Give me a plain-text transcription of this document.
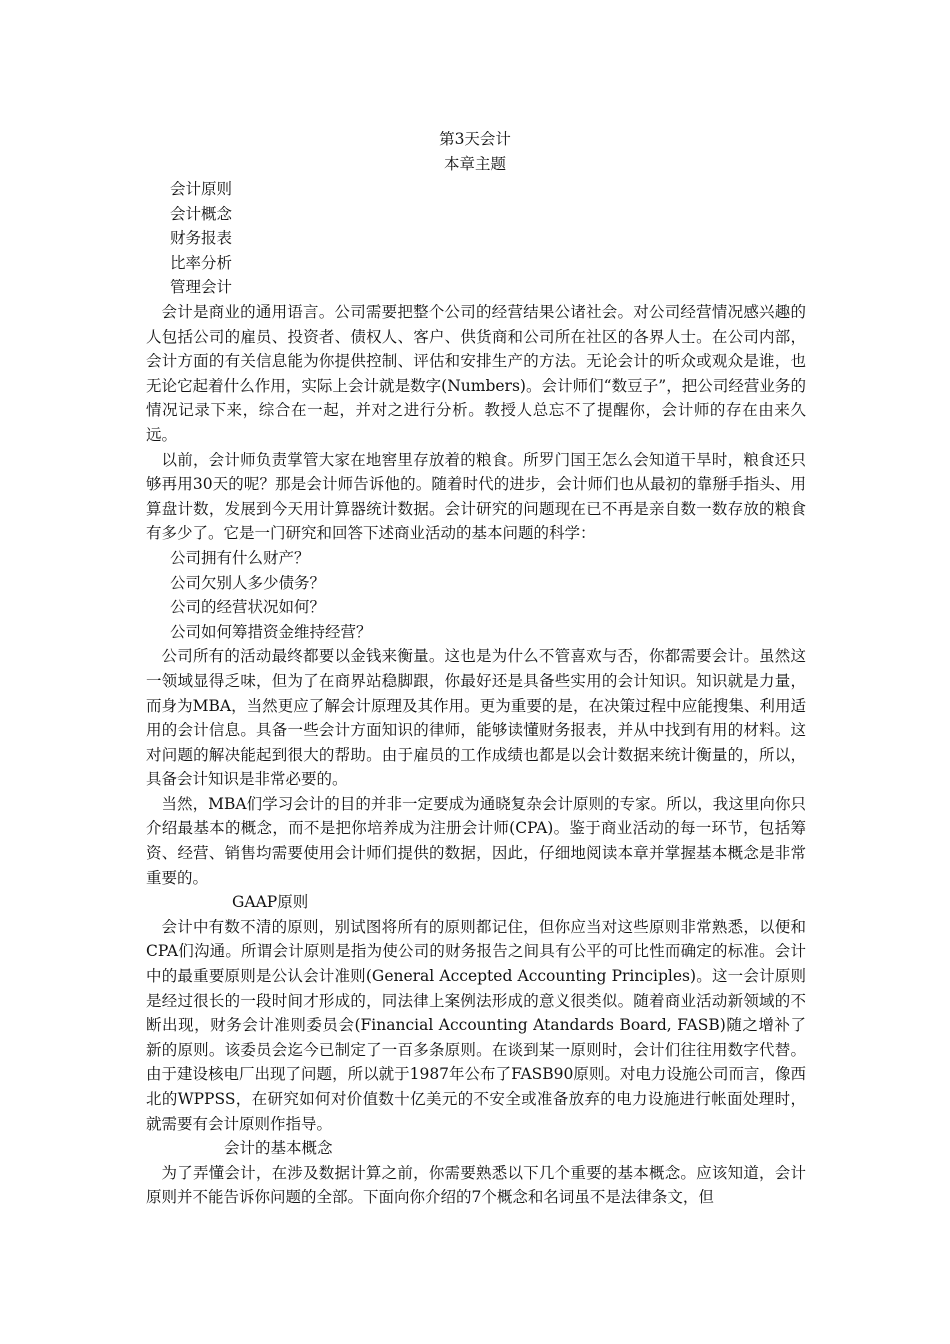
第3天会计
本章主题
会计原则
会计概念
财务报表
比率分析
管理会计

会计是商业的通用语言。公司需要把整个公司的经营结果公诸社会。对公司经营情况感兴趣的人包括公司的雇员、投资者、债权人、客户、供货商和公司所在社区的各界人士。在公司内部，会计方面的有关信息能为你提供控制、评估和安排生产的方法。无论会计的听众或观众是谁，也无论它起着什么作用，实际上会计就是数字(Numbers)。会计师们“数豆子”，把公司经营业务的情况记录下来，综合在一起，并对之进行分析。教授人总忘不了提醒你，会计师的存在由来久远。

以前，会计师负责掌管大家在地窖里存放着的粮食。所罗门国王怎么会知道干旱时，粮食还只够再用30天的呢？那是会计师告诉他的。随着时代的进步，会计师们也从最初的靠掰手指头、用算盘计数，发展到今天用计算器统计数据。会计研究的问题现在已不再是亲自数一数存放的粮食有多少了。它是一门研究和回答下述商业活动的基本问题的科学：

公司拥有什么财产？
公司欠别人多少债务？
公司的经营状况如何？
公司如何筹措资金维持经营？

公司所有的活动最终都要以金钱来衡量。这也是为什么不管喜欢与否，你都需要会计。虽然这一领域显得乏味，但为了在商界站稳脚跟，你最好还是具备些实用的会计知识。知识就是力量，而身为MBA，当然更应了解会计原理及其作用。更为重要的是，在决策过程中应能搜集、利用适用的会计信息。具备一些会计方面知识的律师，能够读懂财务报表，并从中找到有用的材料。这对问题的解决能起到很大的帮助。由于雇员的工作成绩也都是以会计数据来统计衡量的，所以，具备会计知识是非常必要的。

当然，MBA们学习会计的目的并非一定要成为通晓复杂会计原则的专家。所以，我这里向你只介绍最基本的概念，而不是把你培养成为注册会计师(CPA)。鉴于商业活动的每一环节，包括筹资、经营、销售均需要使用会计师们提供的数据，因此，仔细地阅读本章并掌握基本概念是非常重要的。

GAAP原则

会计中有数不清的原则，别试图将所有的原则都记住，但你应当对这些原则非常熟悉，以便和CPA们沟通。所谓会计原则是指为使公司的财务报告之间具有公平的可比性而确定的标准。会计中的最重要原则是公认会计准则(General Accepted Accounting Principles)。这一会计原则是经过很长的一段时间才形成的，同法律上案例法形成的意义很类似。随着商业活动新领域的不断出现，财务会计准则委员会(Financial Accounting Atandards Board, FASB)随之增补了新的原则。该委员会迄今已制定了一百多条原则。在谈到某一原则时，会计们往往用数字代替。由于建设核电厂出现了问题，所以就于1987年公布了FASB90原则。对电力设施公司而言，像西北的WPPSS，在研究如何对价值数十亿美元的不安全或准备放弃的电力设施进行帐面处理时，就需要有会计原则作指导。

会计的基本概念

为了弄懂会计，在涉及数据计算之前，你需要熟悉以下几个重要的基本概念。应该知道，会计原则并不能告诉你问题的全部。下面向你介绍的7个概念和名词虽不是法律条文，但
